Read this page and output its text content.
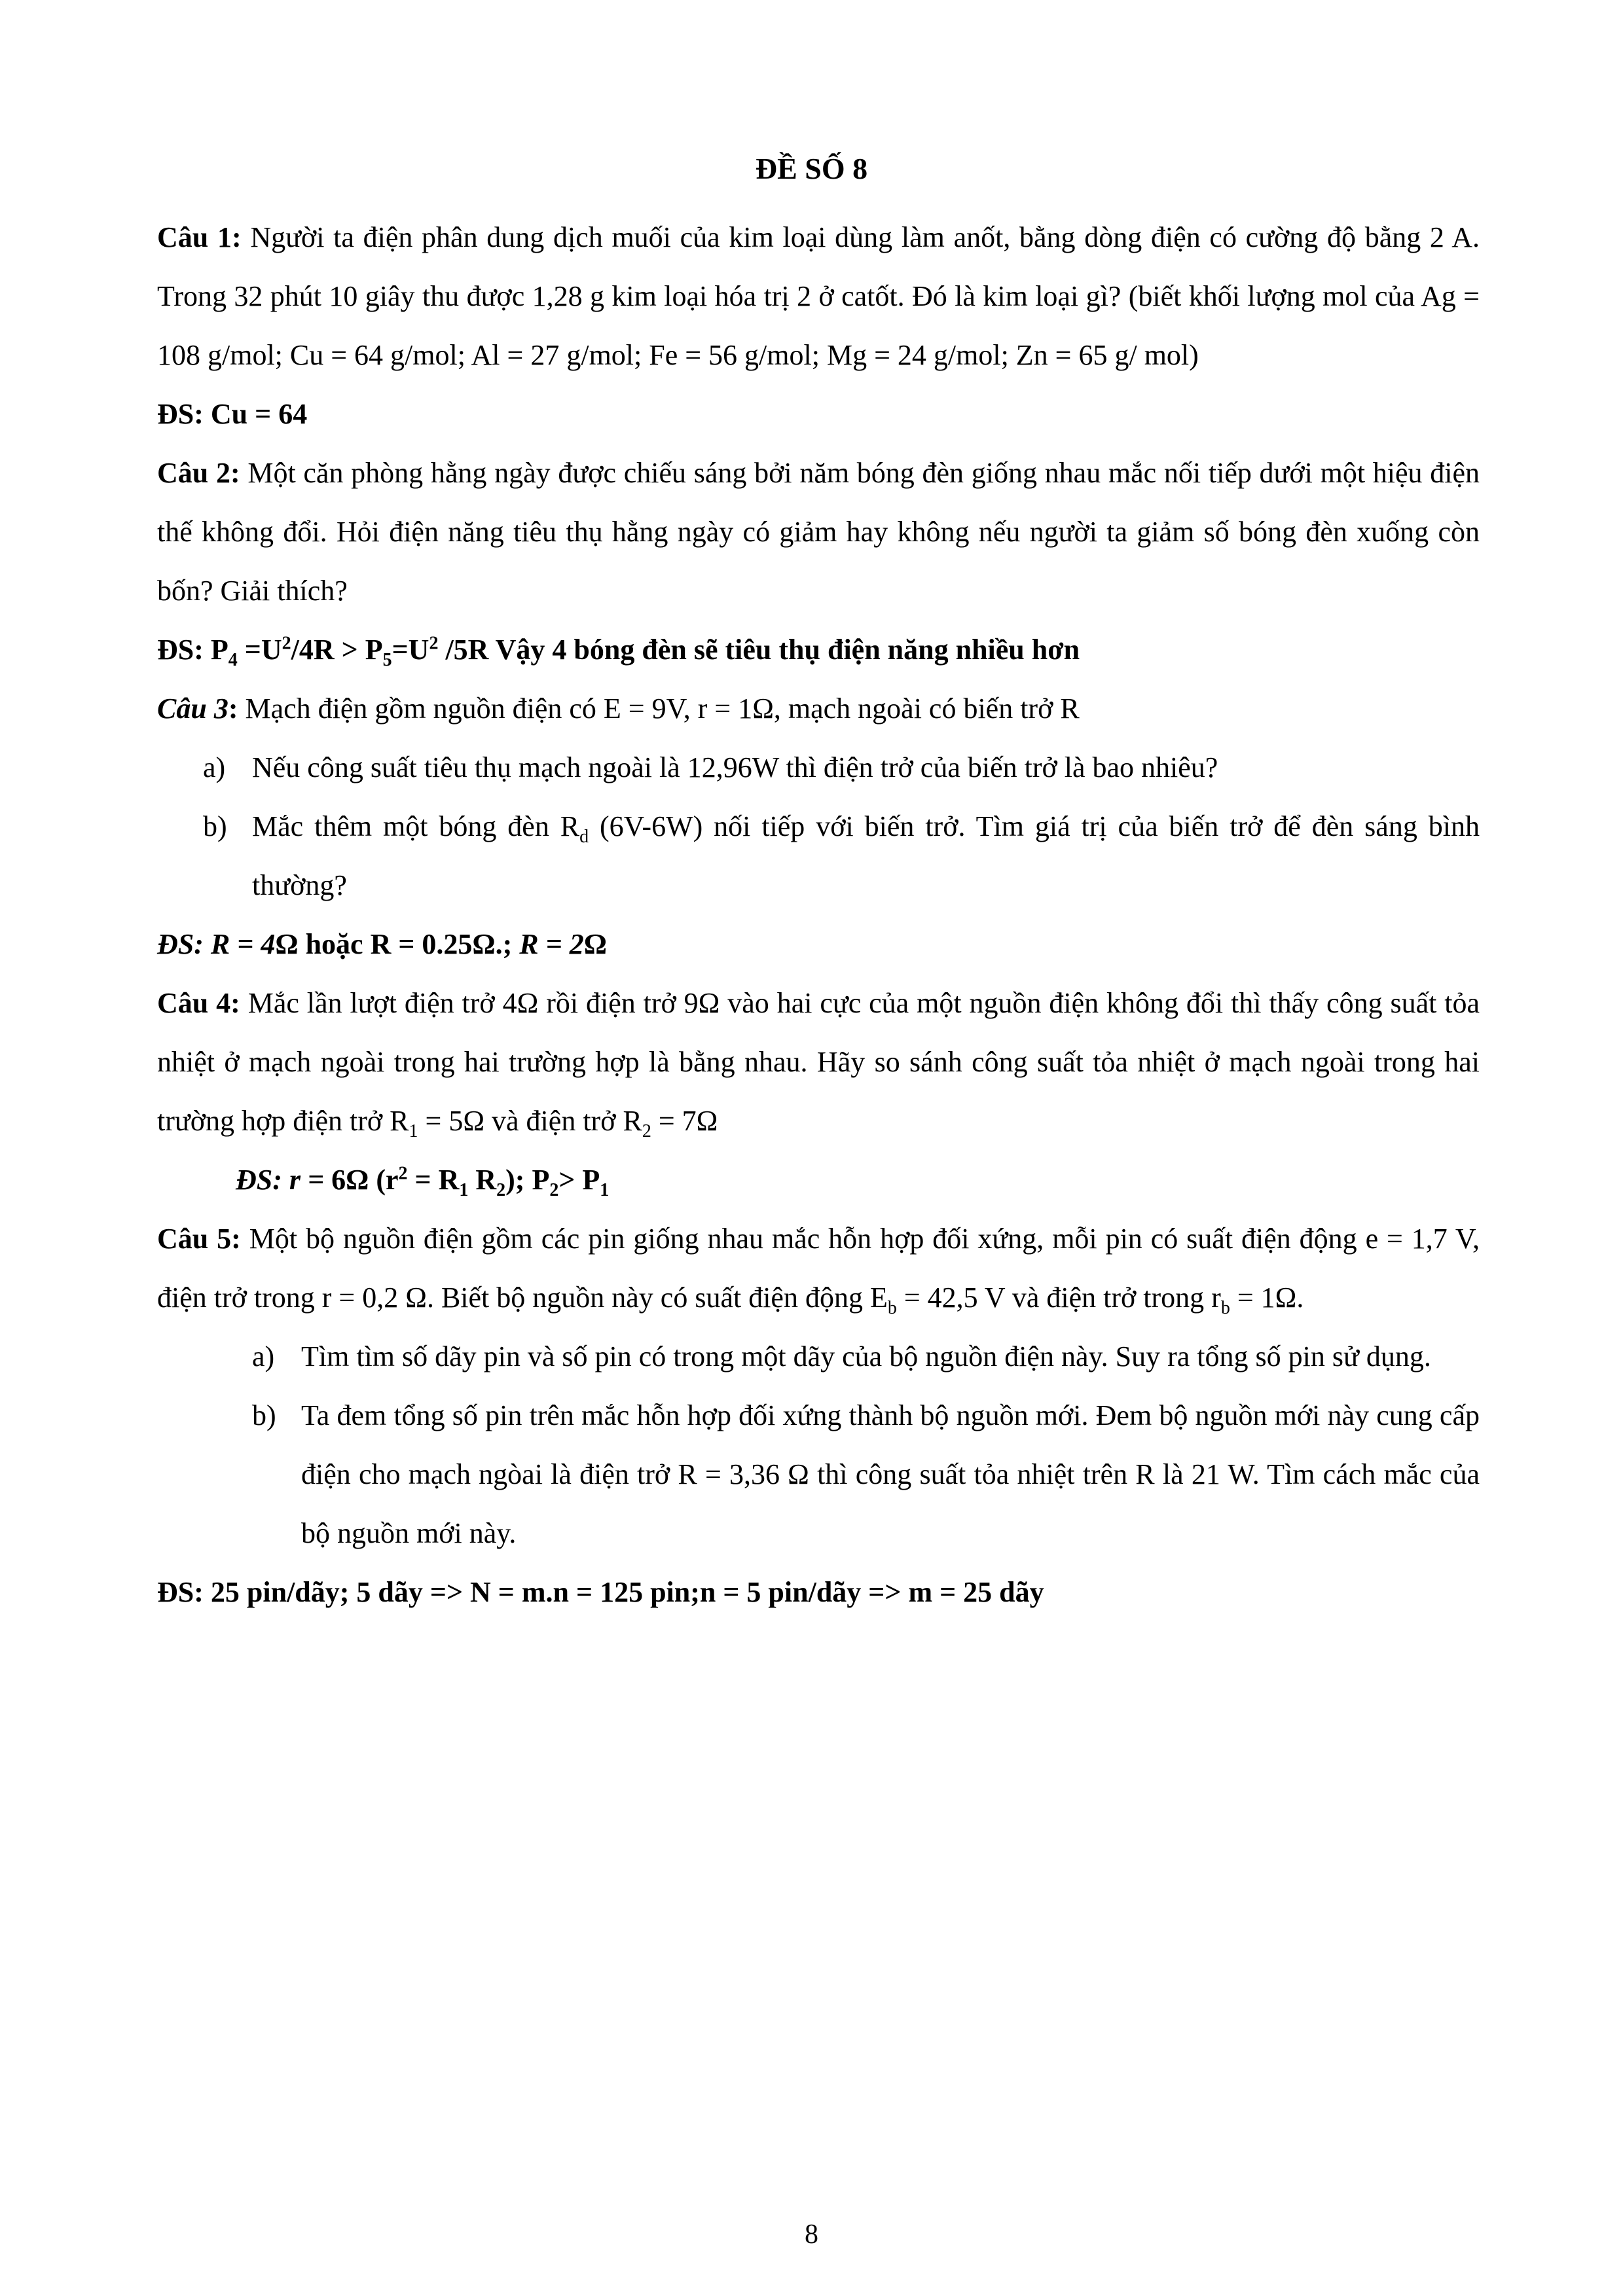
ĐỀ SỐ 8

Câu 1: Người ta điện phân dung dịch muối của kim loại dùng làm anốt, bằng dòng điện có cường độ bằng 2 A. Trong 32 phút 10 giây thu được 1,28 g kim loại hóa trị 2 ở catốt. Đó là kim loại gì? (biết khối lượng mol của Ag = 108 g/mol; Cu = 64 g/mol; Al = 27 g/mol; Fe = 56 g/mol; Mg = 24 g/mol; Zn = 65 g/ mol)

ĐS: Cu = 64

Câu 2: Một căn phòng hằng ngày được chiếu sáng bởi năm bóng đèn giống nhau mắc nối tiếp dưới một hiệu điện thế không đổi. Hỏi điện năng tiêu thụ hằng ngày có giảm hay không nếu người ta giảm số bóng đèn xuống còn bốn? Giải thích?

ĐS: $P_4 =U^2/4R > P_5=U^2$ /5R Vậy 4 bóng đèn sẽ tiêu thụ điện năng nhiều hơn

Câu 3: Mạch điện gồm nguồn điện có E = 9V, r = 1Ω, mạch ngoài có biến trở R

a) Nếu công suất tiêu thụ mạch ngoài là 12,96W thì điện trở của biến trở là bao nhiêu?
b) Mắc thêm một bóng đèn $R_d$ (6V-6W) nối tiếp với biến trở. Tìm giá trị của biến trở để đèn sáng bình thường?

ĐS: R = 4Ω hoặc R = 0.25Ω.; R = 2Ω

Câu 4: Mắc lần lượt điện trở 4Ω rồi điện trở 9Ω vào hai cực của một nguồn điện không đổi thì thấy công suất tỏa nhiệt ở mạch ngoài trong hai trường hợp là bằng nhau. Hãy so sánh công suất tỏa nhiệt ở mạch ngoài trong hai trường hợp điện trở $R_1 = 5\Omega$ và điện trở $R_2 = 7\Omega$

ĐS: r = 6Ω ($r^2 = R_1$ $R_2$); $P_2> P_1$

Câu 5: Một bộ nguồn điện gồm các pin giống nhau mắc hỗn hợp đối xứng, mỗi pin có suất điện động e = 1,7 V, điện trở trong r = 0,2 Ω. Biết bộ nguồn này có suất điện động $E_b = 42,5$ V và điện trở trong $r_b = 1\Omega$.

a) Tìm tìm số dãy pin và số pin có trong một dãy của bộ nguồn điện này. Suy ra tổng số pin sử dụng.
b) Ta đem tổng số pin trên mắc hỗn hợp đối xứng thành bộ nguồn mới. Đem bộ nguồn mới này cung cấp điện cho mạch ngòai là điện trở R = 3,36 Ω thì công suất tỏa nhiệt trên R là 21 W. Tìm cách mắc của bộ nguồn mới này.

ĐS: 25 pin/dãy; 5 dãy => N = m.n = 125 pin;n = 5 pin/dãy => m = 25 dãy

8
